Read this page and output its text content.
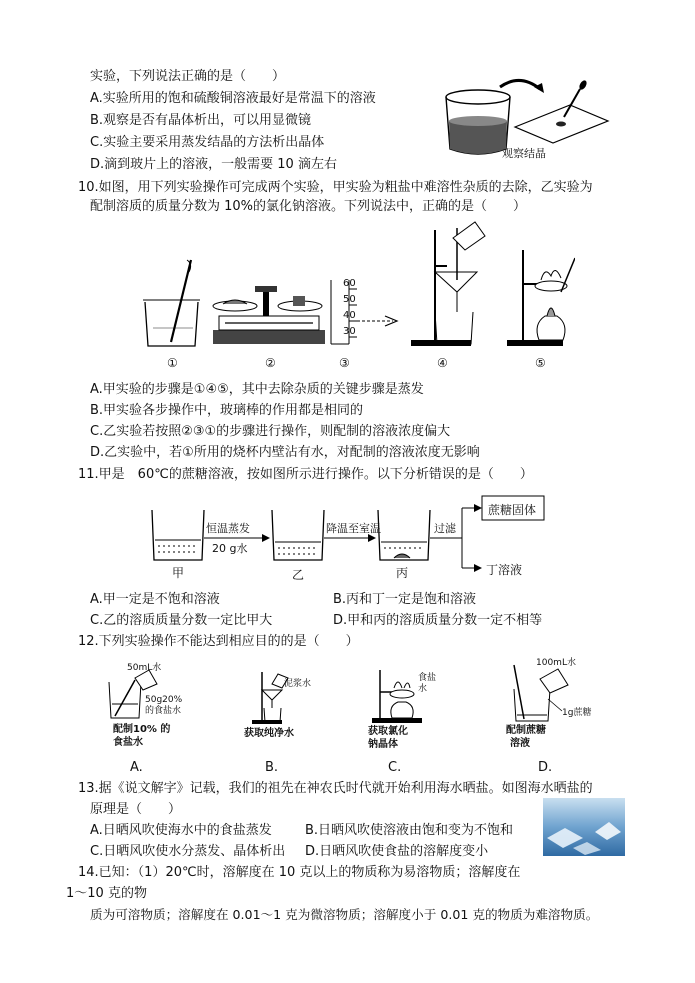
实验，下列说法正确的是（　　）
A.实验所用的饱和硫酸铜溶液最好是常温下的溶液
B.观察是否有晶体析出，可以用显微镜
C.实验主要采用蒸发结晶的方法析出晶体
D.滴到玻片上的溶液，一般需要 10 滴左右
观察结晶
10.如图，用下列实验操作可完成两个实验，甲实验为粗盐中难溶性杂质的去除，乙实验为
配制溶质的质量分数为 10%的氯化钠溶液。下列说法中，正确的是（　　）
60
50
40
30
①	②	③	④	⑤
A.甲实验的步骤是①④⑤，其中去除杂质的关键步骤是蒸发
B.甲实验各步操作中，玻璃棒的作用都是相同的
C.乙实验若按照②③①的步骤进行操作，则配制的溶液浓度偏大
D.乙实验中，若①所用的烧杯内壁沾有水，对配制的溶液浓度无影响
11.甲是　60℃的蔗糖溶液，按如图所示进行操作。以下分析错误的是（　　）
恒温蒸发
20 g水
降温至室温	过滤
蔗糖固体
丁溶液
甲	乙	丙
A.甲一定是不饱和溶液	B.丙和丁一定是饱和溶液
C.乙的溶质质量分数一定比甲大	D.甲和丙的溶质质量分数一定不相等
12.下列实验操作不能达到相应目的的是（　　）
50mL水
50g20%
的食盐水
配制10% 的
食盐水
泥浆水
获取纯净水
食盐
水
获取氯化
钠晶体
100mL水
1g蔗糖
配制蔗糖
溶液
A.	B.	C.	D.
13.据《说文解字》记载，我们的祖先在神农氏时代就开始利用海水晒盐。如图海水晒盐的
原理是（　　）
A.日晒风吹使海水中的食盐蒸发	B.日晒风吹使溶液由饱和变为不饱和
C.日晒风吹使水分蒸发、晶体析出 D.日晒风吹使食盐的溶解度变小
14.已知：（1）20℃时，溶解度在 10 克以上的物质称为易溶物质；溶解度在
1～10 克的物
质为可溶物质；溶解度在 0.01～1 克为微溶物质；溶解度小于 0.01 克的物质为难溶物质。
